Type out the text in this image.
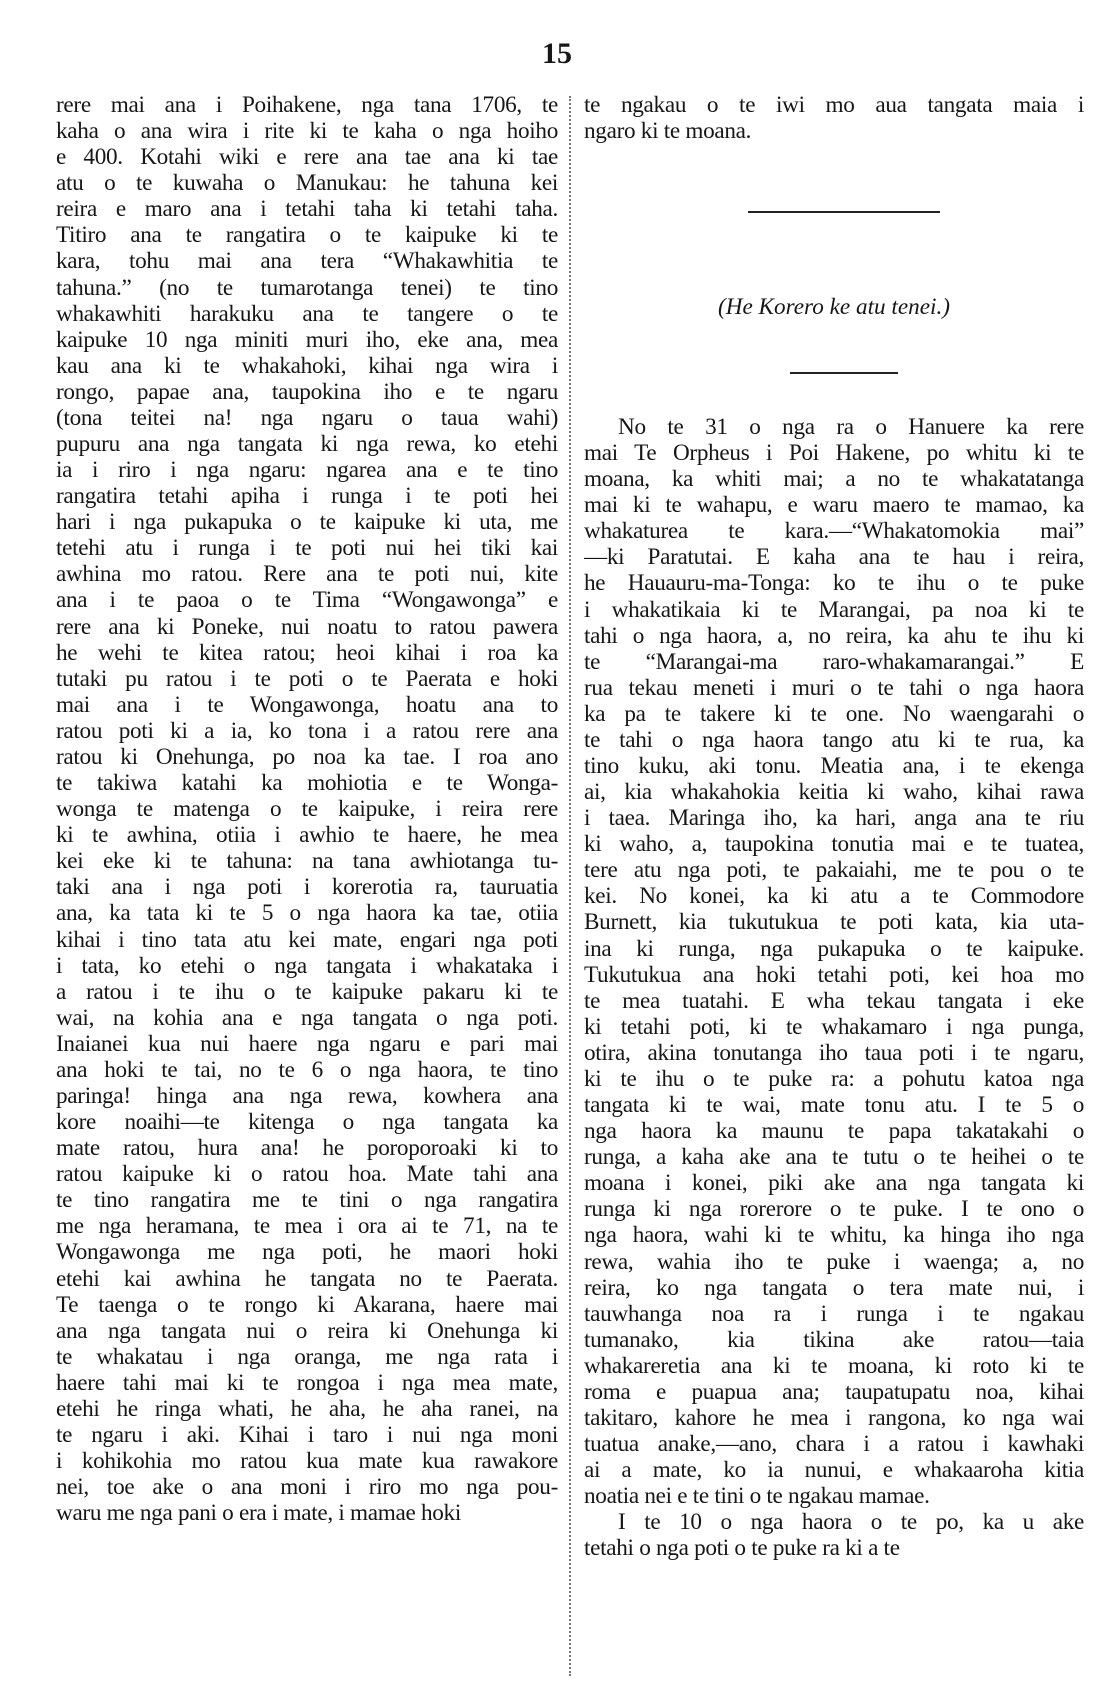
15
rere mai ana i Poihakene, nga tana 1706, te
kaha o ana wira i rite ki te kaha o nga hoiho
e 400. Kotahi wiki e rere ana tae ana ki tae
atu o te kuwaha o Manukau: he tahuna kei
reira e maro ana i tetahi taha ki tetahi taha.
Titiro ana te rangatira o te kaipuke ki te
kara, tohu mai ana tera “Whakawhitia te
tahuna.” (no te tumarotanga tenei) te tino
whakawhiti harakuku ana te tangere o te
kaipuke 10 nga miniti muri iho, eke ana, mea
kau ana ki te whakahoki, kihai nga wira i
rongo, papae ana, taupokina iho e te ngaru
(tona teitei na! nga ngaru o taua wahi)
pupuru ana nga tangata ki nga rewa, ko etehi
ia i riro i nga ngaru: ngarea ana e te tino
rangatira tetahi apiha i runga i te poti hei
hari i nga pukapuka o te kaipuke ki uta, me
tetehi atu i runga i te poti nui hei tiki kai
awhina mo ratou. Rere ana te poti nui, kite
ana i te paoa o te Tima “Wongawonga” e
rere ana ki Poneke, nui noatu to ratou pawera
he wehi te kitea ratou; heoi kihai i roa ka
tutaki pu ratou i te poti o te Paerata e hoki
mai ana i te Wongawonga, hoatu ana to
ratou poti ki a ia, ko tona i a ratou rere ana
ratou ki Onehunga, po noa ka tae. I roa ano
te takiwa katahi ka mohiotia e te Wonga-
wonga te matenga o te kaipuke, i reira rere
ki te awhina, otiia i awhio te haere, he mea
kei eke ki te tahuna: na tana awhiotanga tu-
taki ana i nga poti i korerotia ra, tauruatia
ana, ka tata ki te 5 o nga haora ka tae, otiia
kihai i tino tata atu kei mate, engari nga poti
i tata, ko etehi o nga tangata i whakataka i
a ratou i te ihu o te kaipuke pakaru ki te
wai, na kohia ana e nga tangata o nga poti.
Inaianei kua nui haere nga ngaru e pari mai
ana hoki te tai, no te 6 o nga haora, te tino
paringa! hinga ana nga rewa, kowhera ana
kore noaihi—te kitenga o nga tangata ka
mate ratou, hura ana! he poroporoaki ki to
ratou kaipuke ki o ratou hoa. Mate tahi ana
te tino rangatira me te tini o nga rangatira
me nga heramana, te mea i ora ai te 71, na te
Wongawonga me nga poti, he maori hoki
etehi kai awhina he tangata no te Paerata.
Te taenga o te rongo ki Akarana, haere mai
ana nga tangata nui o reira ki Onehunga ki
te whakatau i nga oranga, me nga rata i
haere tahi mai ki te rongoa i nga mea mate,
etehi he ringa whati, he aha, he aha ranei, na
te ngaru i aki. Kihai i taro i nui nga moni
i kohikohia mo ratou kua mate kua rawakore
nei, toe ake o ana moni i riro mo nga pou-
waru me nga pani o era i mate, i mamae hoki
te ngakau o te iwi mo aua tangata maia i
ngaro ki te moana.
(He Korero ke atu tenei.)
No te 31 o nga ra o Hanuere ka rere
mai Te Orpheus i Poi Hakene, po whitu ki te
moana, ka whiti mai; a no te whakatatanga
mai ki te wahapu, e waru maero te mamao, ka
whakaturea te kara.—“Whakatomokia mai”
—ki Paratutai. E kaha ana te hau i reira,
he Hauauru-ma-Tonga: ko te ihu o te puke
i whakatikaia ki te Marangai, pa noa ki te
tahi o nga haora, a, no reira, ka ahu te ihu ki
te “Marangai-ma raro-whakamarangai.” E
rua tekau meneti i muri o te tahi o nga haora
ka pa te takere ki te one. No waengarahi o
te tahi o nga haora tango atu ki te rua, ka
tino kuku, aki tonu. Meatia ana, i te ekenga
ai, kia whakahokia keitia ki waho, kihai rawa
i taea. Maringa iho, ka hari, anga ana te riu
ki waho, a, taupokina tonutia mai e te tuatea,
tere atu nga poti, te pakaiahi, me te pou o te
kei. No konei, ka ki atu a te Commodore
Burnett, kia tukutukua te poti kata, kia uta-
ina ki runga, nga pukapuka o te kaipuke.
Tukutukua ana hoki tetahi poti, kei hoa mo
te mea tuatahi. E wha tekau tangata i eke
ki tetahi poti, ki te whakamaro i nga punga,
otira, akina tonutanga iho taua poti i te ngaru,
ki te ihu o te puke ra: a pohutu katoa nga
tangata ki te wai, mate tonu atu. I te 5 o
nga haora ka maunu te papa takatakahi o
runga, a kaha ake ana te tutu o te heihei o te
moana i konei, piki ake ana nga tangata ki
runga ki nga rorerore o te puke. I te ono o
nga haora, wahi ki te whitu, ka hinga iho nga
rewa, wahia iho te puke i waenga; a, no
reira, ko nga tangata o tera mate nui, i
tauwhanga noa ra i runga i te ngakau
tumanako, kia tikina ake ratou—taia
whakareretia ana ki te moana, ki roto ki te
roma e puapua ana; taupatupatu noa, kihai
takitaro, kahore he mea i rangona, ko nga wai
tuatua anake,—ano, chara i a ratou i kawhaki
ai a mate, ko ia nunui, e whakaaroha kitia
noatia nei e te tini o te ngakau mamae.
I te 10 o nga haora o te po, ka u ake
tetahi o nga poti o te puke ra ki a te
